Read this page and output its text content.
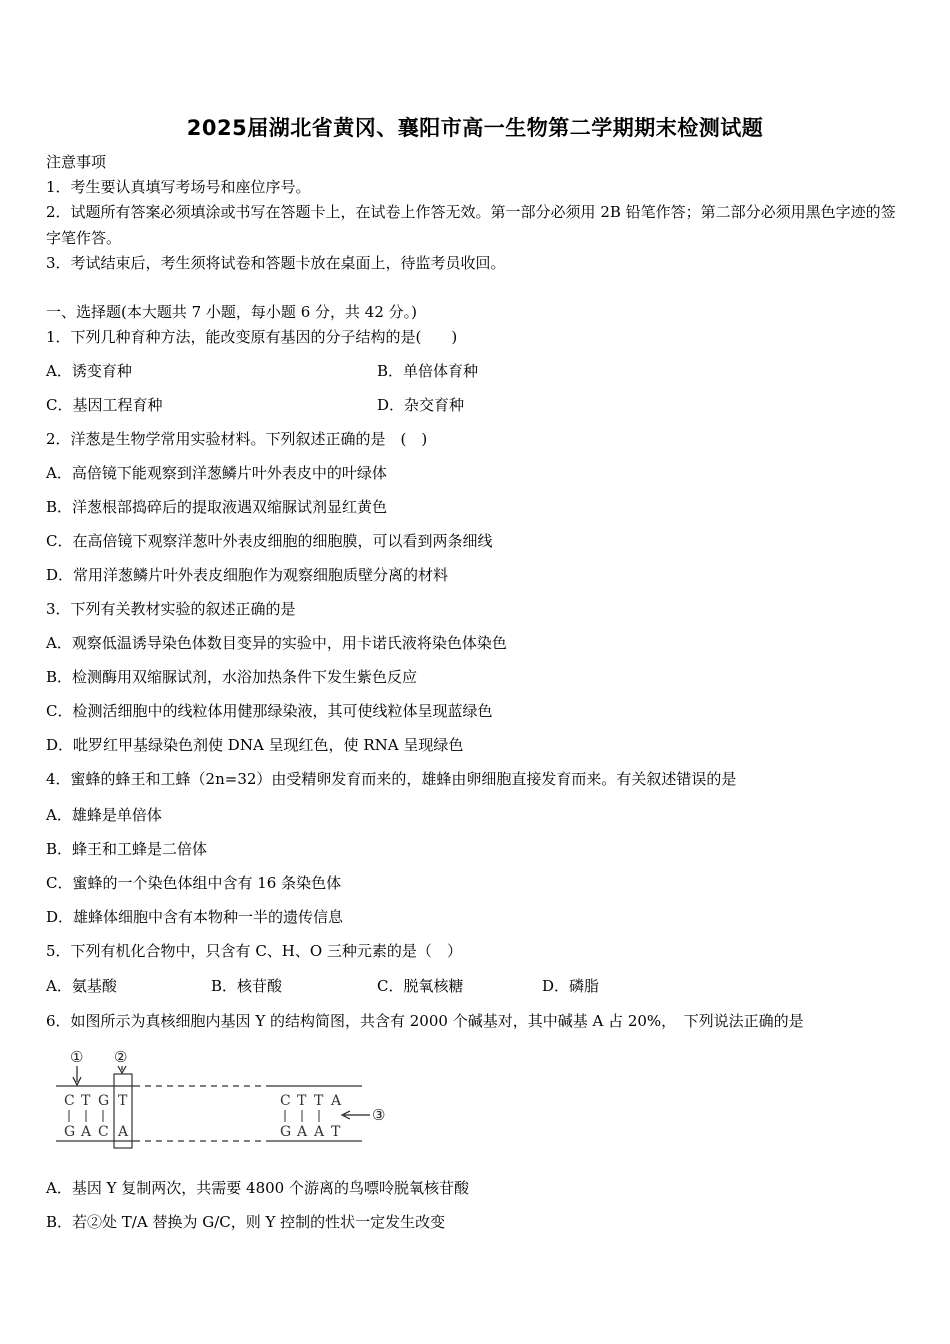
2025届湖北省黄冈、襄阳市高一生物第二学期期末检测试题
注意事项
1．考生要认真填写考场号和座位序号。
2．试题所有答案必须填涂或书写在答题卡上，在试卷上作答无效。第一部分必须用 2B 铅笔作答；第二部分必须用黑色字迹的签字笔作答。
3．考试结束后，考生须将试卷和答题卡放在桌面上，待监考员收回。
一、选择题(本大题共 7 小题，每小题 6 分，共 42 分。)
1．下列几种育种方法，能改变原有基因的分子结构的是(　　)
A．诱变育种	B．单倍体育种
C．基因工程育种	D．杂交育种
2．洋葱是生物学常用实验材料。下列叙述正确的是　(　)
A．高倍镜下能观察到洋葱鳞片叶外表皮中的叶绿体
B．洋葱根部捣碎后的提取液遇双缩脲试剂显红黄色
C．在高倍镜下观察洋葱叶外表皮细胞的细胞膜，可以看到两条细线
D．常用洋葱鳞片叶外表皮细胞作为观察细胞质壁分离的材料
3．下列有关教材实验的叙述正确的是
A．观察低温诱导染色体数目变异的实验中，用卡诺氏液将染色体染色
B．检测酶用双缩脲试剂，水浴加热条件下发生紫色反应
C．检测活细胞中的线粒体用健那绿染液，其可使线粒体呈现蓝绿色
D．吡罗红甲基绿染色剂使 DNA 呈现红色，使 RNA 呈现绿色
4．蜜蜂的蜂王和工蜂（2n=32）由受精卵发育而来的，雄蜂由卵细胞直接发育而来。有关叙述错误的是
A．雄蜂是单倍体
B．蜂王和工蜂是二倍体
C．蜜蜂的一个染色体组中含有 16 条染色体
D．雄蜂体细胞中含有本物种一半的遗传信息
5．下列有机化合物中，只含有 C、H、O 三种元素的是（　）
A．氨基酸	B．核苷酸	C．脱氧核糖	D．磷脂
6．如图所示为真核细胞内基因 Y 的结构简图，共含有 2000 个碱基对，其中碱基 A 占 20%，　下列说法正确的是
① ②
C T G T
G A C A
C T T A
G A A T
③
A．基因 Y 复制两次，共需要 4800 个游离的鸟嘌呤脱氧核苷酸
B．若②处 T/A 替换为 G/C，则 Y 控制的性状一定发生改变
